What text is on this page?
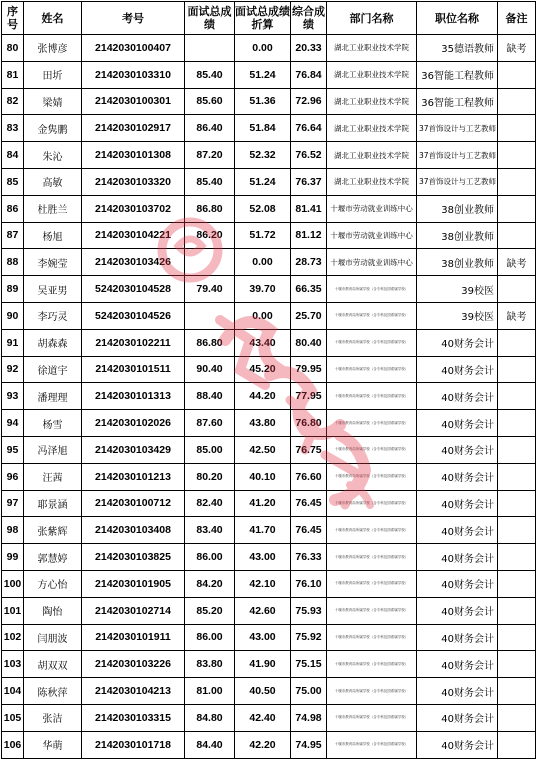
序号	姓名	考号	面试总成绩	面试总成绩折算	综合成绩	部门名称	职位名称	备注
80	张博彦	2142030100407		0.00	20.33	湖北工业职业技术学院	35德语教师	缺考
81	田圻	2142030103310	85.40	51.24	76.84	湖北工业职业技术学院	36智能工程教师	
82	梁婧	2142030100301	85.60	51.36	72.96	湖北工业职业技术学院	36智能工程教师	
83	金隽鹏	2142030102917	86.40	51.84	76.64	湖北工业职业技术学院	37首饰设计与工艺教师	
84	朱沁	2142030101308	87.20	52.32	76.52	湖北工业职业技术学院	37首饰设计与工艺教师	
85	高敏	2142030103320	85.40	51.24	76.37	湖北工业职业技术学院	37首饰设计与工艺教师	
86	杜胜兰	2142030103702	86.80	52.08	81.41	十堰市劳动就业训练中心	38创业教师	
87	杨旭	2142030104221	86.20	51.72	81.12	十堰市劳动就业训练中心	38创业教师	
88	李婉莹	2142030103426		0.00	28.73	十堰市劳动就业训练中心	38创业教师	缺考
89	吴亚男	5242030104528	79.40	39.70	66.35	十堰市教育局所属学校（含专科及国系属学校）	39校医	
90	李巧灵	5242030104526		0.00	25.70	十堰市教育局所属学校（含专科及国系属学校）	39校医	缺考
91	胡森森	2142030102211	86.80	43.40	80.40	十堰市教育局所属学校（含专科及国系属学校）	40财务会计	
92	徐道宇	2142030101511	90.40	45.20	79.95	十堰市教育局所属学校（含专科及国系属学校）	40财务会计	
93	潘理理	2142030101313	88.40	44.20	77.95	十堰市教育局所属学校（含专科及国系属学校）	40财务会计	
94	杨雪	2142030102026	87.60	43.80	76.80	十堰市教育局所属学校（含专科及国系属学校）	40财务会计	
95	冯泽旭	2142030103429	85.00	42.50	76.75	十堰市教育局所属学校（含专科及国系属学校）	40财务会计	
96	汪茜	2142030101213	80.20	40.10	76.60	十堰市教育局所属学校（含专科及国系属学校）	40财务会计	
97	耶景涵	2142030100712	82.40	41.20	76.45	十堰市教育局所属学校（含专科及国系属学校）	40财务会计	
98	张紫辉	2142030103408	83.40	41.70	76.45	十堰市教育局所属学校（含专科及国系属学校）	40财务会计	
99	郭慧婷	2142030103825	86.00	43.00	76.33	十堰市教育局所属学校（含专科及国系属学校）	40财务会计	
100	方心怡	2142030101905	84.20	42.10	76.10	十堰市教育局所属学校（含专科及国系属学校）	40财务会计	
101	陶怡	2142030102714	85.20	42.60	75.93	十堰市教育局所属学校（含专科及国系属学校）	40财务会计	
102	闫朋波	2142030101911	86.00	43.00	75.92	十堰市教育局所属学校（含专科及国系属学校）	40财务会计	
103	胡双双	2142030103226	83.80	41.90	75.15	十堰市教育局所属学校（含专科及国系属学校）	40财务会计	
104	陈秋萍	2142030104213	81.00	40.50	75.00	十堰市教育局所属学校（含专科及国系属学校）	40财务会计	
105	张洁	2142030103315	84.80	42.40	74.98	十堰市教育局所属学校（含专科及国系属学校）	40财务会计	
106	华萌	2142030101718	84.40	42.20	74.95	十堰市教育局所属学校（含专科及国系属学校）	40财务会计	
